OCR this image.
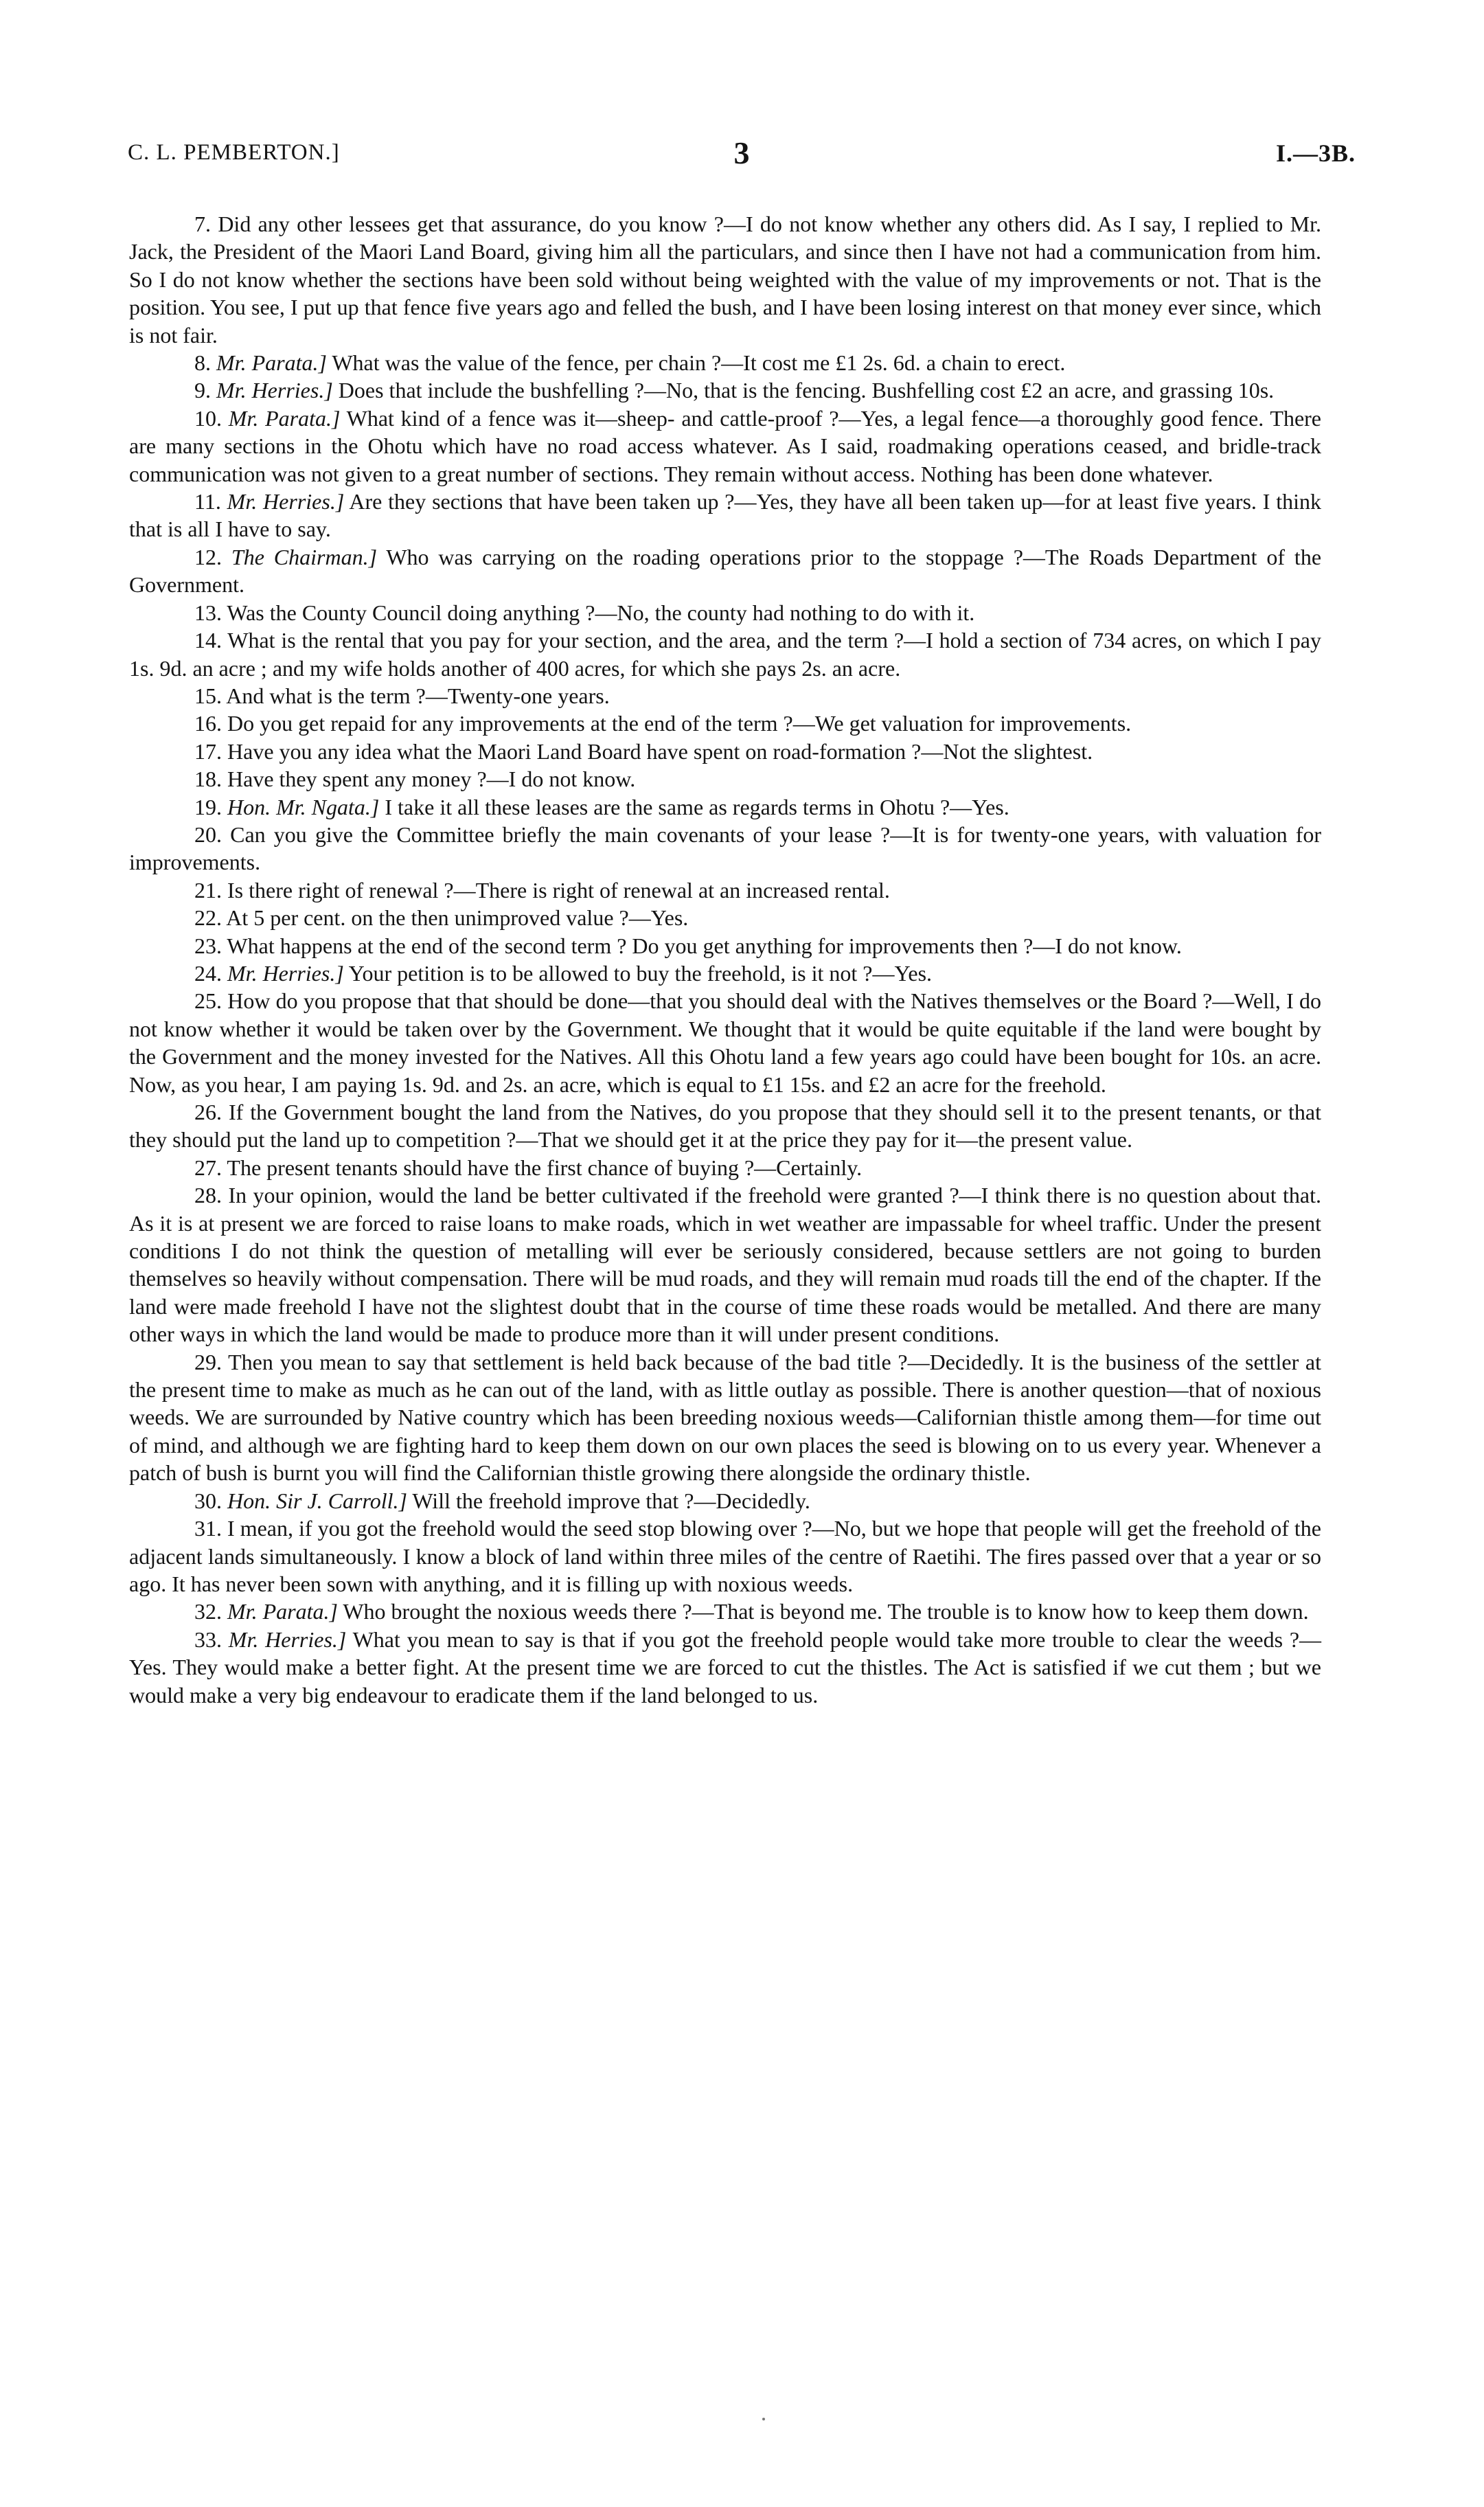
C. L. PEMBERTON.]	3	I.—3B.

7. Did any other lessees get that assurance, do you know ?—I do not know whether any others did. As I say, I replied to Mr. Jack, the President of the Maori Land Board, giving him all the particulars, and since then I have not had a communication from him. So I do not know whether the sections have been sold without being weighted with the value of my improvements or not. That is the position. You see, I put up that fence five years ago and felled the bush, and I have been losing interest on that money ever since, which is not fair.

8. Mr. Parata.] What was the value of the fence, per chain ?—It cost me £1 2s. 6d. a chain to erect.

9. Mr. Herries.] Does that include the bushfelling ?—No, that is the fencing. Bushfelling cost £2 an acre, and grassing 10s.

10. Mr. Parata.] What kind of a fence was it—sheep- and cattle-proof ?—Yes, a legal fence—a thoroughly good fence. There are many sections in the Ohotu which have no road access whatever. As I said, roadmaking operations ceased, and bridle-track communication was not given to a great number of sections. They remain without access. Nothing has been done whatever.

11. Mr. Herries.] Are they sections that have been taken up ?—Yes, they have all been taken up—for at least five years. I think that is all I have to say.

12. The Chairman.] Who was carrying on the roading operations prior to the stoppage ?—The Roads Department of the Government.

13. Was the County Council doing anything ?—No, the county had nothing to do with it.

14. What is the rental that you pay for your section, and the area, and the term ?—I hold a section of 734 acres, on which I pay 1s. 9d. an acre ; and my wife holds another of 400 acres, for which she pays 2s. an acre.

15. And what is the term ?—Twenty-one years.

16. Do you get repaid for any improvements at the end of the term ?—We get valuation for improvements.

17. Have you any idea what the Maori Land Board have spent on road-formation ?—Not the slightest.

18. Have they spent any money ?—I do not know.

19. Hon. Mr. Ngata.] I take it all these leases are the same as regards terms in Ohotu ?—Yes.

20. Can you give the Committee briefly the main covenants of your lease ?—It is for twenty-one years, with valuation for improvements.

21. Is there right of renewal ?—There is right of renewal at an increased rental.

22. At 5 per cent. on the then unimproved value ?—Yes.

23. What happens at the end of the second term ? Do you get anything for improvements then ?—I do not know.

24. Mr. Herries.] Your petition is to be allowed to buy the freehold, is it not ?—Yes.

25. How do you propose that that should be done—that you should deal with the Natives themselves or the Board ?—Well, I do not know whether it would be taken over by the Government. We thought that it would be quite equitable if the land were bought by the Government and the money invested for the Natives. All this Ohotu land a few years ago could have been bought for 10s. an acre. Now, as you hear, I am paying 1s. 9d. and 2s. an acre, which is equal to £1 15s. and £2 an acre for the freehold.

26. If the Government bought the land from the Natives, do you propose that they should sell it to the present tenants, or that they should put the land up to competition ?—That we should get it at the price they pay for it—the present value.

27. The present tenants should have the first chance of buying ?—Certainly.

28. In your opinion, would the land be better cultivated if the freehold were granted ?—I think there is no question about that. As it is at present we are forced to raise loans to make roads, which in wet weather are impassable for wheel traffic. Under the present conditions I do not think the question of metalling will ever be seriously considered, because settlers are not going to burden themselves so heavily without compensation. There will be mud roads, and they will remain mud roads till the end of the chapter. If the land were made freehold I have not the slightest doubt that in the course of time these roads would be metalled. And there are many other ways in which the land would be made to produce more than it will under present conditions.

29. Then you mean to say that settlement is held back because of the bad title ?—Decidedly. It is the business of the settler at the present time to make as much as he can out of the land, with as little outlay as possible. There is another question—that of noxious weeds. We are surrounded by Native country which has been breeding noxious weeds—Californian thistle among them—for time out of mind, and although we are fighting hard to keep them down on our own places the seed is blowing on to us every year. Whenever a patch of bush is burnt you will find the Californian thistle growing there alongside the ordinary thistle.

30. Hon. Sir J. Carroll.] Will the freehold improve that ?—Decidedly.

31. I mean, if you got the freehold would the seed stop blowing over ?—No, but we hope that people will get the freehold of the adjacent lands simultaneously. I know a block of land within three miles of the centre of Raetihi. The fires passed over that a year or so ago. It has never been sown with anything, and it is filling up with noxious weeds.

32. Mr. Parata.] Who brought the noxious weeds there ?—That is beyond me. The trouble is to know how to keep them down.

33. Mr. Herries.] What you mean to say is that if you got the freehold people would take more trouble to clear the weeds ?—Yes. They would make a better fight. At the present time we are forced to cut the thistles. The Act is satisfied if we cut them ; but we would make a very big endeavour to eradicate them if the land belonged to us.
